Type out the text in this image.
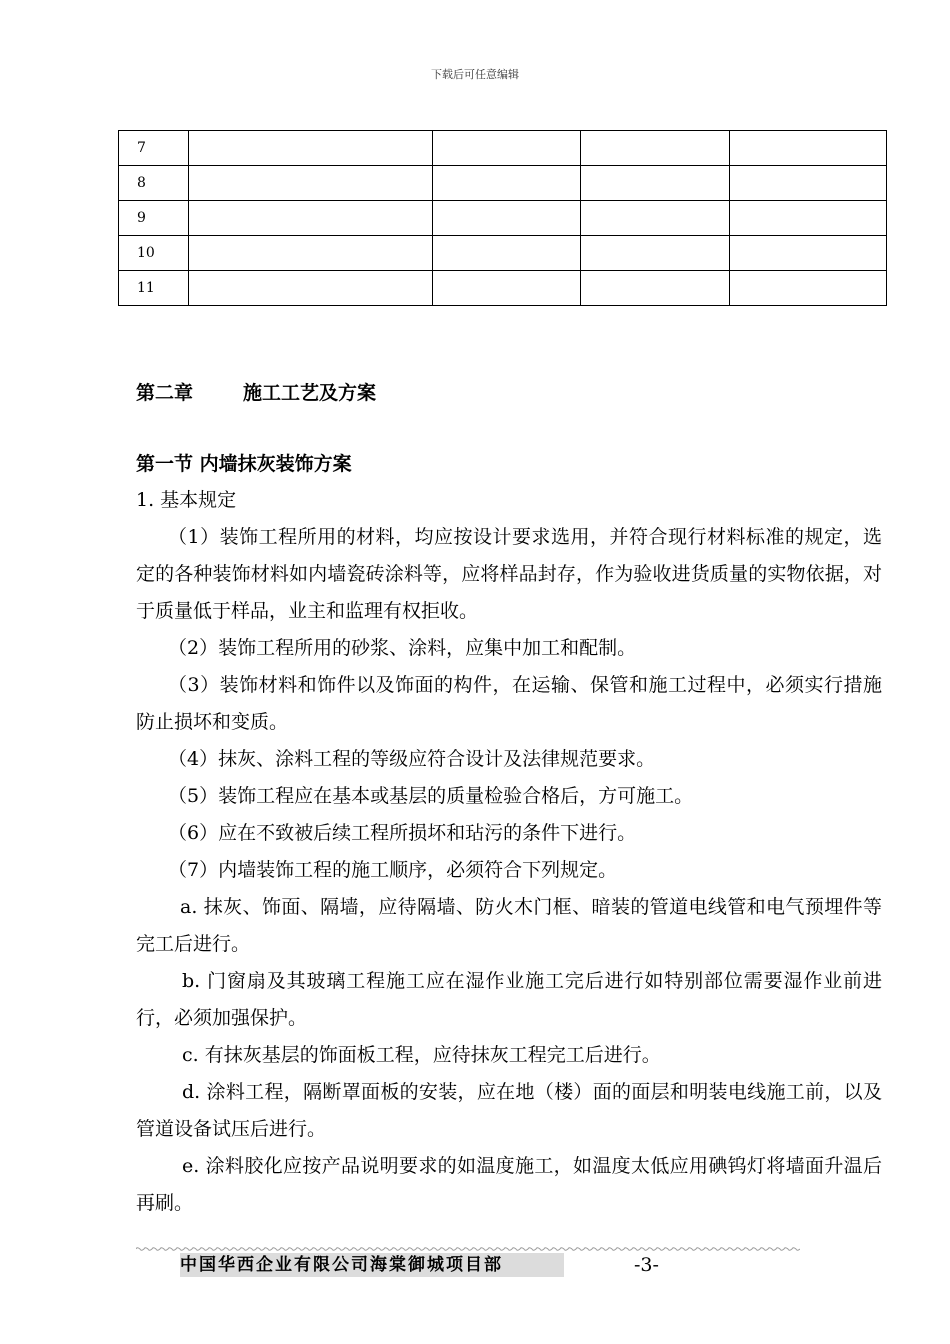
下载后可任意编辑
7				
8				
9				
10				
11				
第二章	施工工艺及方案
第一节 内墙抹灰装饰方案

1. 基本规定

（1）装饰工程所用的材料，均应按设计要求选用，并符合现行材料标准的规定，选定的各种装饰材料如内墙瓷砖涂料等，应将样品封存，作为验收进货质量的实物依据，对于质量低于样品，业主和监理有权拒收。

（2）装饰工程所用的砂浆、涂料，应集中加工和配制。

（3）装饰材料和饰件以及饰面的构件，在运输、保管和施工过程中，必须实行措施防止损坏和变质。

（4）抹灰、涂料工程的等级应符合设计及法律规范要求。

（5）装饰工程应在基本或基层的质量检验合格后，方可施工。

（6）应在不致被后续工程所损坏和玷污的条件下进行。

（7）内墙装饰工程的施工顺序，必须符合下列规定。

a. 抹灰、饰面、隔墙，应待隔墙、防火木门框、暗装的管道电线管和电气预埋件等完工后进行。

b. 门窗扇及其玻璃工程施工应在湿作业施工完后进行如特别部位需要湿作业前进行，必须加强保护。

c. 有抹灰基层的饰面板工程，应待抹灰工程完工后进行。

d. 涂料工程，隔断罩面板的安装，应在地（楼）面的面层和明装电线施工前，以及管道设备试压后进行。

e. 涂料胶化应按产品说明要求的如温度施工，如温度太低应用碘钨灯将墙面升温后再刷。

中国华西企业有限公司海棠御城项目部	-3-
